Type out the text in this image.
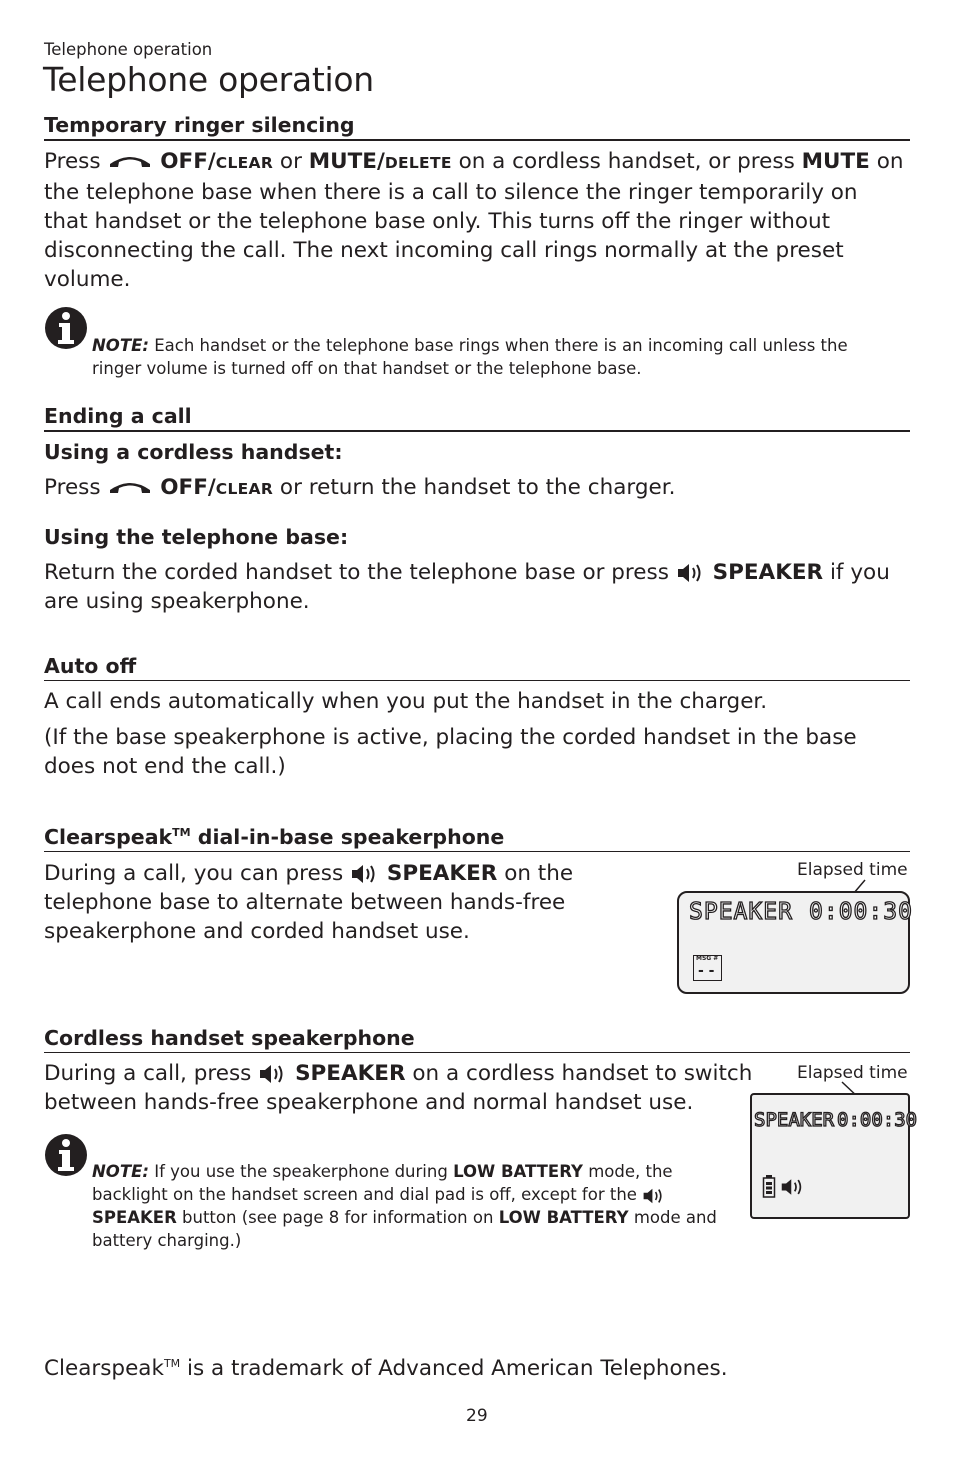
Telephone operation
Telephone operation
Temporary ringer silencing
Press	OFF/CLEAR or MUTE/DELETE on a cordless handset, or press MUTE on the telephone base when there is a call to silence the ringer temporarily on that handset or the telephone base only. This turns off the ringer without disconnecting the call. The next incoming call rings normally at the preset volume.
NOTE: Each handset or the telephone base rings when there is an incoming call unless the ringer volume is turned off on that handset or the telephone base.
Ending a call
Using a cordless handset:
Press	OFF/CLEAR or return the handset to the charger.
Using the telephone base:
Return the corded handset to the telephone base or press SPEAKER if you are using speakerphone.
Auto off
A call ends automatically when you put the handset in the charger.
(If the base speakerphone is active, placing the corded handset in the base does not end the call.)
Clearspeak™ dial-in-base speakerphone
During a call, you can press SPEAKER on the telephone base to alternate between hands-free speakerphone and corded handset use.
Elapsed time
SPEAKER 0:00:30
MSG #
- -
Cordless handset speakerphone
During a call, press SPEAKER on a cordless handset to switch between hands-free speakerphone and normal handset use.
NOTE: If you use the speakerphone during LOW BATTERY mode, the backlight on the handset screen and dial pad is off, except for the  SPEAKER button (see page 8 for information on LOW BATTERY mode and battery charging.)
Elapsed time
SPEAKER 0:00:30
Clearspeak™ is a trademark of Advanced American Telephones.
29
